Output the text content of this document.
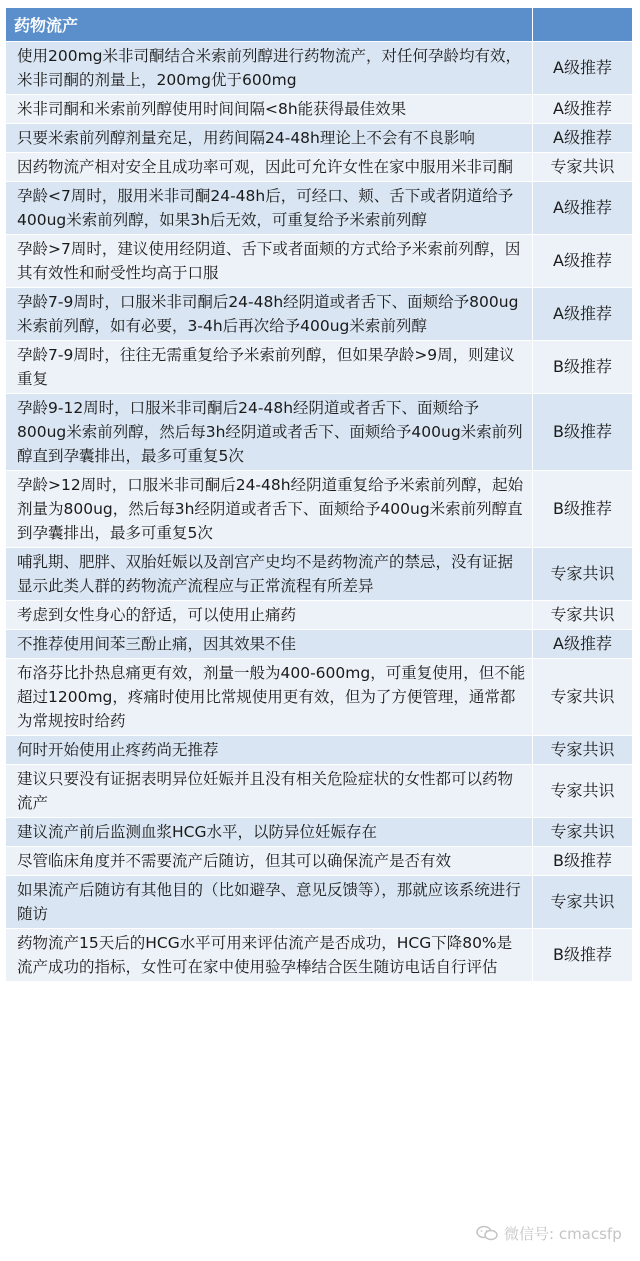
药物流产	
使用200mg米非司酮结合米索前列醇进行药物流产，对任何孕龄均有效，米非司酮的剂量上，200mg优于600mg	A级推荐
米非司酮和米索前列醇使用时间间隔<8h能获得最佳效果	A级推荐
只要米索前列醇剂量充足，用药间隔24-48h理论上不会有不良影响	A级推荐
因药物流产相对安全且成功率可观，因此可允许女性在家中服用米非司酮	专家共识
孕龄<7周时，服用米非司酮24-48h后，可经口、颊、舌下或者阴道给予400ug米索前列醇，如果3h后无效，可重复给予米索前列醇	A级推荐
孕龄>7周时，建议使用经阴道、舌下或者面颊的方式给予米索前列醇，因其有效性和耐受性均高于口服	A级推荐
孕龄7-9周时，口服米非司酮后24-48h经阴道或者舌下、面颊给予800ug米索前列醇，如有必要，3-4h后再次给予400ug米索前列醇	A级推荐
孕龄7-9周时，往往无需重复给予米索前列醇，但如果孕龄>9周，则建议重复	B级推荐
孕龄9-12周时，口服米非司酮后24-48h经阴道或者舌下、面颊给予800ug米索前列醇，然后每3h经阴道或者舌下、面颊给予400ug米索前列醇直到孕囊排出，最多可重复5次	B级推荐
孕龄>12周时，口服米非司酮后24-48h经阴道重复给予米索前列醇，起始剂量为800ug，然后每3h经阴道或者舌下、面颊给予400ug米索前列醇直到孕囊排出，最多可重复5次	B级推荐
哺乳期、肥胖、双胎妊娠以及剖宫产史均不是药物流产的禁忌，没有证据显示此类人群的药物流产流程应与正常流程有所差异	专家共识
考虑到女性身心的舒适，可以使用止痛药	专家共识
不推荐使用间苯三酚止痛，因其效果不佳	A级推荐
布洛芬比扑热息痛更有效，剂量一般为400-600mg，可重复使用，但不能超过1200mg，疼痛时使用比常规使用更有效，但为了方便管理，通常都为常规按时给药	专家共识
何时开始使用止疼药尚无推荐	专家共识
建议只要没有证据表明异位妊娠并且没有相关危险症状的女性都可以药物流产	专家共识
建议流产前后监测血浆HCG水平，以防异位妊娠存在	专家共识
尽管临床角度并不需要流产后随访，但其可以确保流产是否有效	B级推荐
如果流产后随访有其他目的（比如避孕、意见反馈等），那就应该系统进行随访	专家共识
药物流产15天后的HCG水平可用来评估流产是否成功，HCG下降80%是流产成功的指标，女性可在家中使用验孕棒结合医生随访电话自行评估	B级推荐
微信号: cmacsfp
